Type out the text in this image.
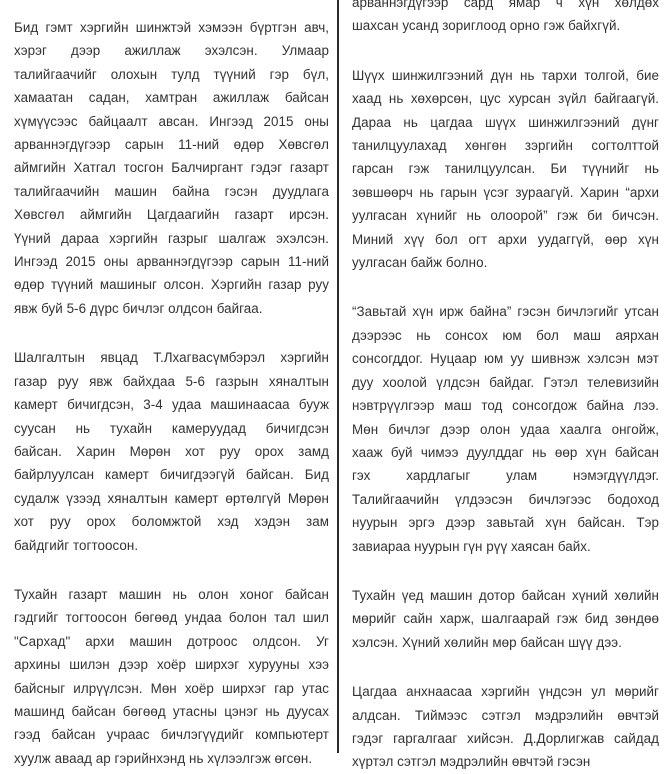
Бид гэмт хэргийн шинжтэй хэмээн бүртгэн авч,
хэрэг дээр ажиллаж эхэлсэн. Улмаар
талийгаачийг олохын тулд түүний гэр бүл,
хамаатан садан, хамтран ажиллаж байсан
хүмүүсээс байцаалт авсан. Ингээд 2015 оны
арваннэгдүгээр сарын 11-ний өдөр Хөвсгөл
аймгийн Хатгал тосгон Балчиргант гэдэг газарт
талийгаачийн машин байна гэсэн дуудлага
Хөвсгөл аймгийн Цагдаагийн газарт ирсэн.
Үүний дараа хэргийн газрыг шалгаж эхэлсэн.
Ингээд 2015 оны арваннэгдүгээр сарын 11-ний
өдөр түүний машиныг олсон. Хэргийн газар руу
явж буй 5-6 дүрс бичлэг олдсон байгаа.
Шалгалтын явцад Т.Лхагвасүмбэрэл хэргийн
газар руу явж байхдаа 5-6 газрын хяналтын
камерт бичигдсэн, 3-4 удаа машинаасаа бууж
суусан нь тухайн камеруудад бичигдсэн
байсан. Харин Мөрөн хот руу орох замд
байрлуулсан камерт бичигдээгүй байсан. Бид
судалж үзээд хяналтын камерт өртөлгүй Мөрөн
хот руу орох боломжтой хэд хэдэн зам
байдгийг тогтоосон.
Тухайн газарт машин нь олон хоног байсан
гэдгийг тогтоосон бөгөөд ундаа болон тал шил
"Сархад" архи машин дотроос олдсон. Уг
архины шилэн дээр хоёр ширхэг хурууны хээ
байсныг илрүүлсэн. Мөн хоёр ширхэг гар утас
машинд байсан бөгөөд утасны цэнэг нь дуусах
гээд байсан учраас бичлэгүүдийг компьютерт
хуулж аваад ар гэрийнхэнд нь хүлээлгэж өгсөн.
арваннэгдүгээр сард ямар ч хүн хөлдөх
шахсан усанд зориглоод орно гэж байхгүй.
Шүүх шинжилгээний дүн нь тархи толгой, бие
хаад нь хөхөрсөн, цус хурсан зүйл байгаагүй.
Дараа нь цагдаа шүүх шинжилгээний дүнг
танилцуулахад хөнгөн зэргийн согтолттой
гарсан гэж танилцуулсан. Би түүнийг нь
зөвшөөрч нь гарын үсэг зураагүй. Харин “архи
уулгасан хүнийг нь олоорой” гэж би бичсэн.
Миний хүү бол огт архи уудаггүй, өөр хүн
уулгасан байж болно.
“Завьтай хүн ирж байна” гэсэн бичлэгийг утсан
дээрээс нь сонсох юм бол маш аярхан
сонсогддог. Нуцаар юм уу шивнэж хэлсэн мэт
дуу хоолой үлдсэн байдаг. Гэтэл телевизийн
нэвтрүүлгээр маш тод сонсогдож байна лээ.
Мөн бичлэг дээр олон удаа хаалга онгойж,
хааж буй чимээ дуулддаг нь өөр хүн байсан
гэх хардлагыг улам нэмэгдүүлдэг.
Талийгаачийн үлдээсэн бичлэгээс бодоход
нуурын эргэ дээр завьтай хүн байсан. Тэр
завиараа нуурын гүн рүү хаясан байх.
Тухайн үед машин дотор байсан хүний хөлийн
мөрийг сайн харж, шалгаарай гэж бид зөндөө
хэлсэн. Хүний хөлийн мөр байсан шүү дээ.
Цагдаа анхнаасаа хэргийн үндсэн ул мөрийг
алдсан. Тиймээс сэтгэл мэдрэлийн өвчтэй
гэдэг гаргалгааг хийсэн. Д.Дорлигжав сайдад
хүртэл сэтгэл мэдрэлийн өвчтэй гэсэн
